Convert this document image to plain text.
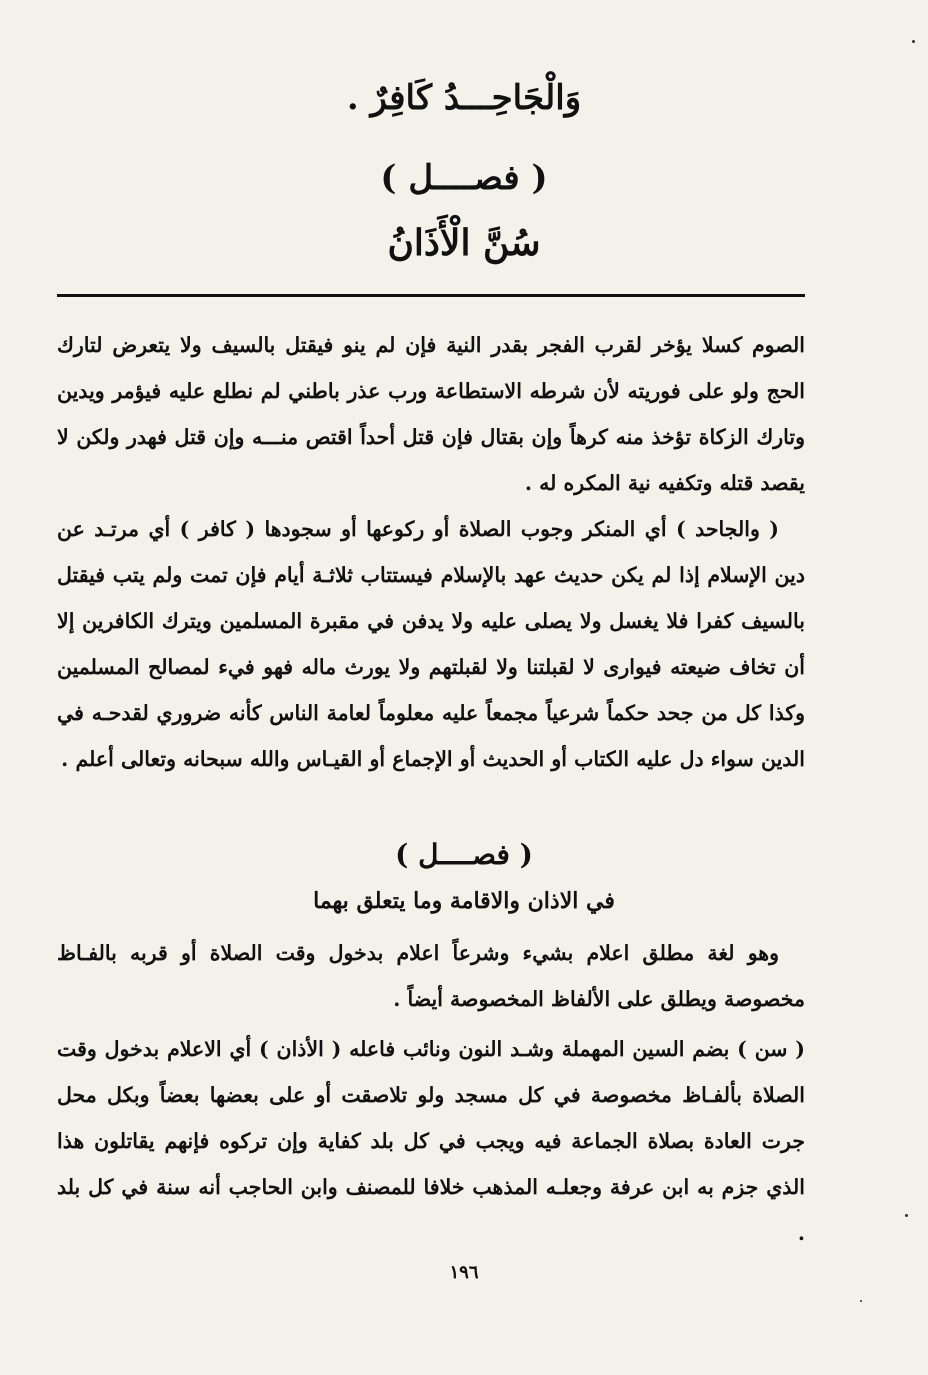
وَالْجَاحِـــدُ كَافِرٌ .
( فصــــل )
سُنَّ الْأَذَانُ

الصوم كسلا يؤخر لقرب الفجر بقدر النية فإن لم ينو فيقتل بالسيف ولا يتعرض لتارك الحج ولو على فوريته لأن شرطه الاستطاعة ورب عذر باطني لم نطلع عليه فيؤمر ويدين وتارك الزكاة تؤخذ منه كرهاً وإن بقتال فإن قتل أحداً اقتص منـــه وإن قتل فهدر ولكن لا يقصد قتله وتكفيه نية المكره له .

( والجاحد ) أي المنكر وجوب الصلاة أو ركوعها أو سجودها ( كافر ) أي مرتـد عن دين الإسلام إذا لم يكن حديث عهد بالإسلام فيستتاب ثلاثـة أيام فإن تمت ولم يتب فيقتل بالسيف كفرا فلا يغسل ولا يصلى عليه ولا يدفن في مقبرة المسلمين ويترك الكافرين إلا أن تخاف ضيعته فيوارى لا لقبلتنا ولا لقبلتهم ولا يورث ماله فهو فيء لمصالح المسلمين وكذا كل من جحد حكماً شرعياً مجمعاً عليه معلوماً لعامة الناس كأنه ضروري لقدحـه في الدين سواء دل عليه الكتاب أو الحديث أو الإجماع أو القيـاس والله سبحانه وتعالى أعلم .

( فصــــل )
في الاذان والاقامة وما يتعلق بهما

وهو لغة مطلق اعلام بشيء وشرعاً اعلام بدخول وقت الصلاة أو قربه بالفـاظ مخصوصة ويطلق على الألفاظ المخصوصة أيضاً .

( سن ) بضم السين المهملة وشـد النون ونائب فاعله ( الأذان ) أي الاعلام بدخول وقت الصلاة بألفـاظ مخصوصة في كل مسجد ولو تلاصقت أو على بعضها بعضاً وبكل محل جرت العادة بصلاة الجماعة فيه ويجب في كل بلد كفاية وإن تركوه فإنهم يقاتلون هذا الذي جزم به ابن عرفة وجعلـه المذهب خلافا للمصنف وابن الحاجب أنه سنة في كل بلد .

١٩٦
